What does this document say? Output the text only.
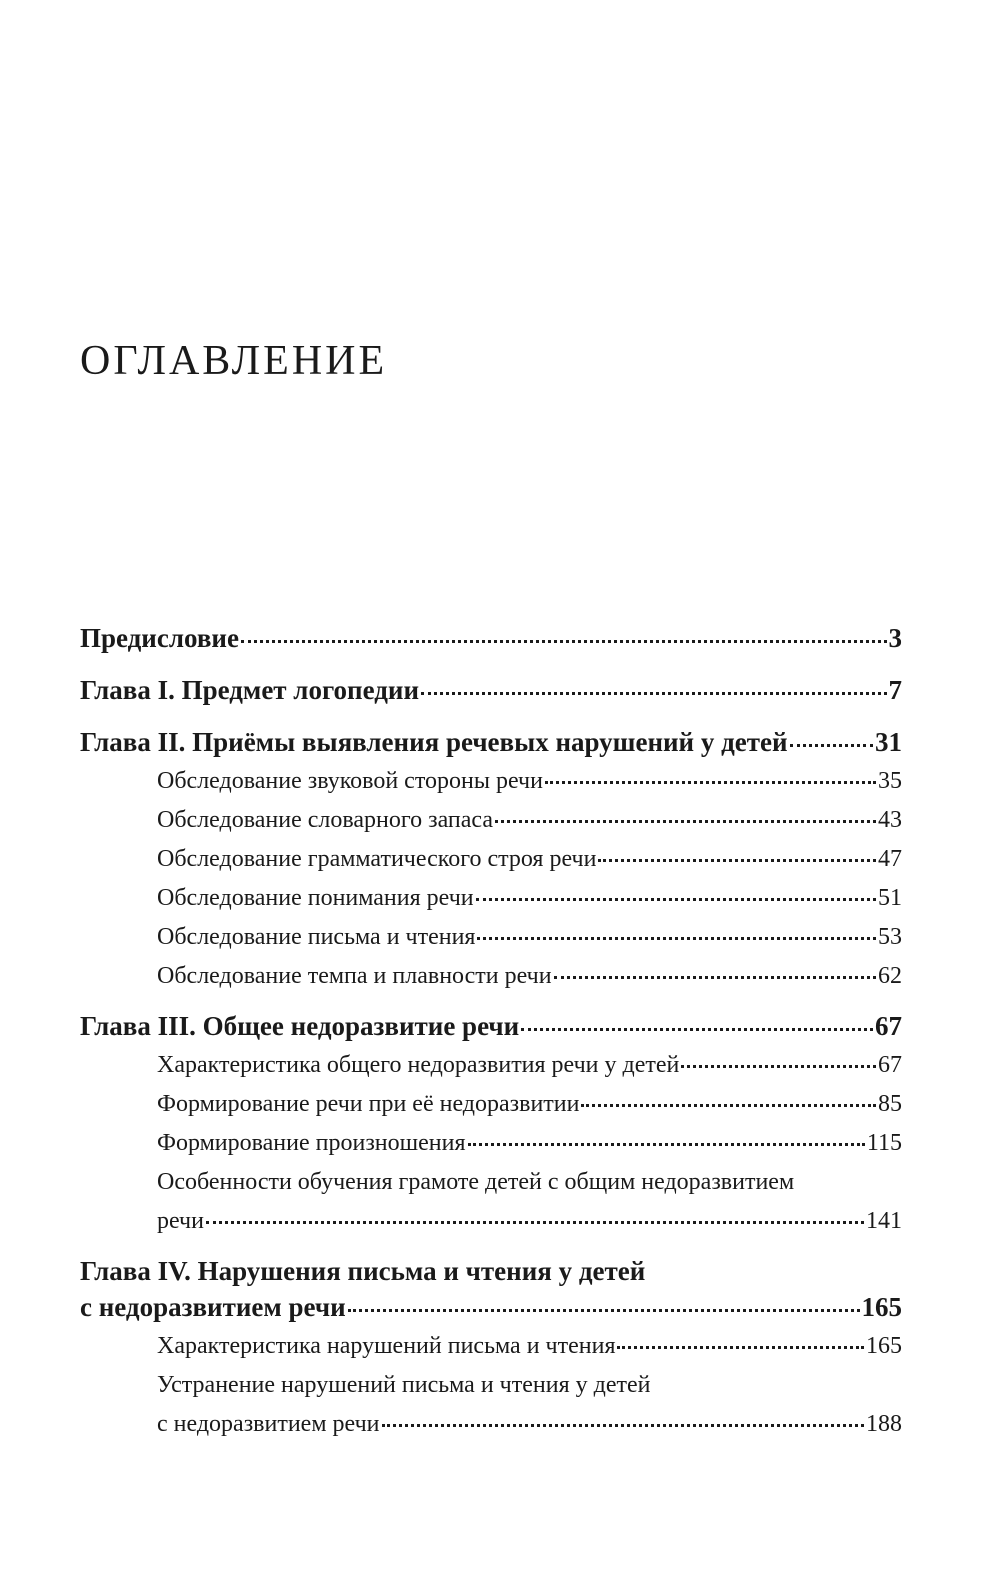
ОГЛАВЛЕНИЕ
Предисловие	3
Глава I. Предмет логопедии	7
Глава II. Приёмы выявления речевых нарушений у детей	31
Обследование звуковой стороны речи	35
Обследование словарного запаса	43
Обследование грамматического строя речи	47
Обследование понимания речи	51
Обследование письма и чтения	53
Обследование темпа и плавности речи	62
Глава III. Общее недоразвитие речи	67
Характеристика общего недоразвития речи у детей	67
Формирование речи при её недоразвитии	85
Формирование произношения	115
Особенности обучения грамоте детей с общим недоразвитием
речи	141
Глава IV. Нарушения письма и чтения у детей
с недоразвитием речи	165
Характеристика нарушений письма и чтения	165
Устранение нарушений письма и чтения у детей
с недоразвитием речи	188
